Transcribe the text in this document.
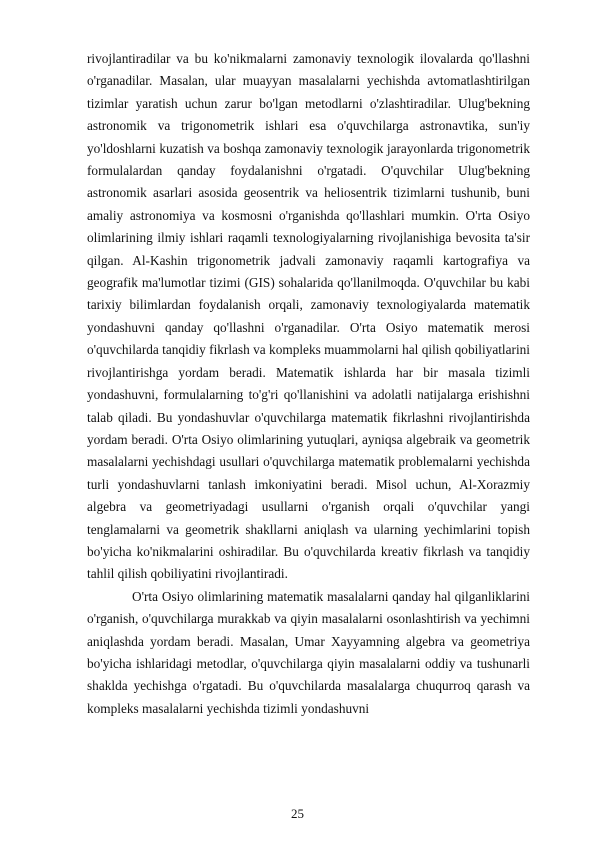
rivojlantiradilar va bu ko'nikmalarni zamonaviy texnologik ilovalarda qo'llashni o'rganadilar. Masalan, ular muayyan masalalarni yechishda avtomatlashtirilgan tizimlar yaratish uchun zarur bo'lgan metodlarni o'zlashtiradilar. Ulug'bekning astronomik va trigonometrik ishlari esa o'quvchilarga astronavtika, sun'iy yo'ldoshlarni kuzatish va boshqa zamonaviy texnologik jarayonlarda trigonometrik formulalardan qanday foydalanishni o'rgatadi. O'quvchilar Ulug'bekning astronomik asarlari asosida geosentrik va heliosentrik tizimlarni tushunib, buni amaliy astronomiya va kosmosni o'rganishda qo'llashlari mumkin. O'rta Osiyo olimlarining ilmiy ishlari raqamli texnologiyalarning rivojlanishiga bevosita ta'sir qilgan. Al-Kashin trigonometrik jadvali zamonaviy raqamli kartografiya va geografik ma'lumotlar tizimi (GIS) sohalarida qo'llanilmoqda. O'quvchilar bu kabi tarixiy bilimlardan foydalanish orqali, zamonaviy texnologiyalarda matematik yondashuvni qanday qo'llashni o'rganadilar. O'rta Osiyo matematik merosi o'quvchilarda tanqidiy fikrlash va kompleks muammolarni hal qilish qobiliyatlarini rivojlantirishga yordam beradi. Matematik ishlarda har bir masala tizimli yondashuvni, formulalarning to'g'ri qo'llanishini va adolatli natijalarga erishishni talab qiladi. Bu yondashuvlar o'quvchilarga matematik fikrlashni rivojlantirishda yordam beradi. O'rta Osiyo olimlarining yutuqlari, ayniqsa algebraik va geometrik masalalarni yechishdagi usullari o'quvchilarga matematik problemalarni yechishda turli yondashuvlarni tanlash imkoniyatini beradi. Misol uchun, Al-Xorazmiy algebra va geometriyadagi usullarni o'rganish orqali o'quvchilar yangi tenglamalarni va geometrik shakllarni aniqlash va ularning yechimlarini topish bo'yicha ko'nikmalarini oshiradilar. Bu o'quvchilarda kreativ fikrlash va tanqidiy tahlil qilish qobiliyatini rivojlantiradi.

O'rta Osiyo olimlarining matematik masalalarni qanday hal qilganliklarini o'rganish, o'quvchilarga murakkab va qiyin masalalarni osonlashtirish va yechimni aniqlashda yordam beradi. Masalan, Umar Xayyamning algebra va geometriya bo'yicha ishlaridagi metodlar, o'quvchilarga qiyin masalalarni oddiy va tushunarli shaklda yechishga o'rgatadi. Bu o'quvchilarda masalalarga chuqurroq qarash va kompleks masalalarni yechishda tizimli yondashuvni

25
